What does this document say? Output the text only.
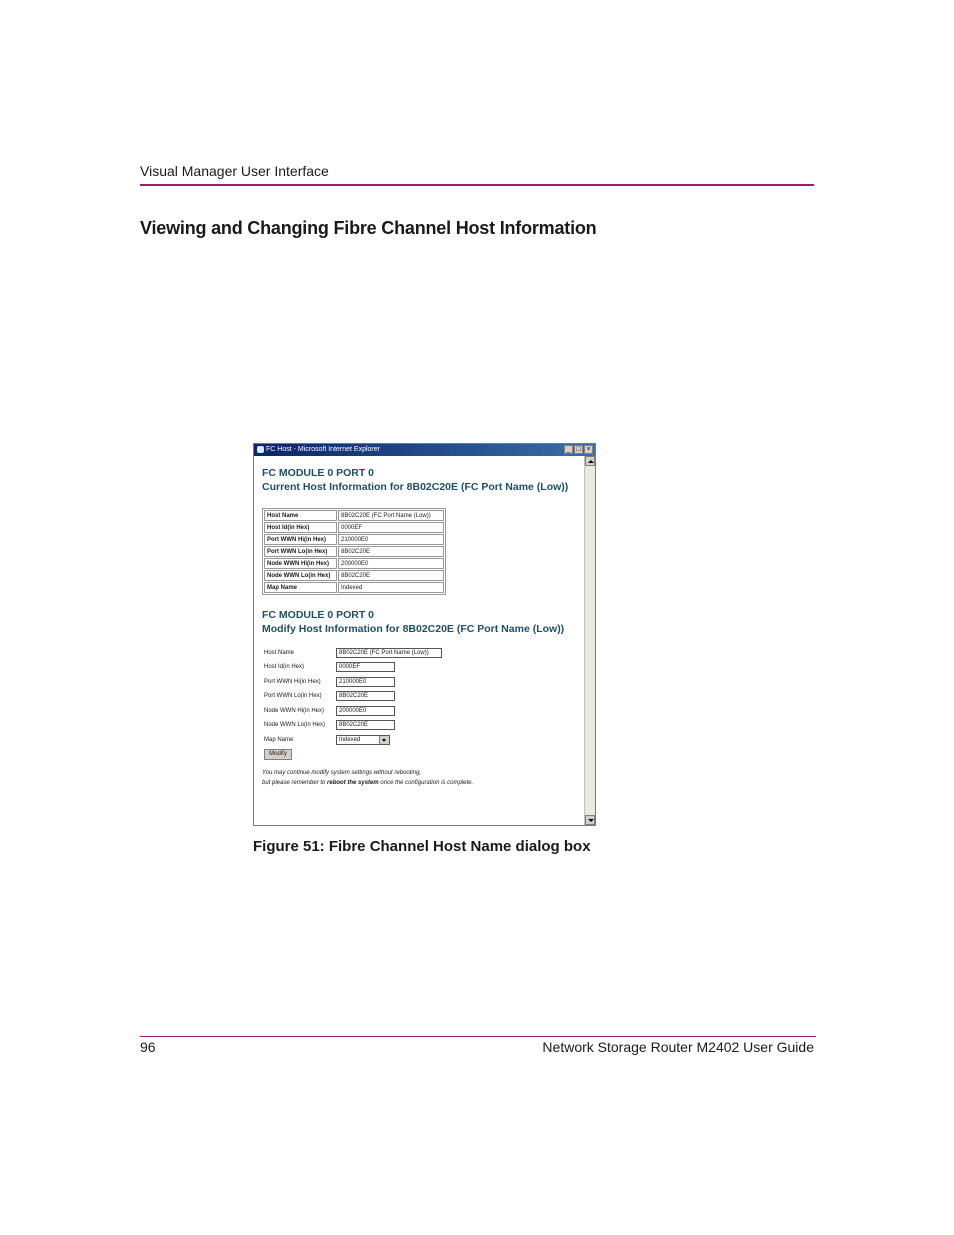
Visual Manager User Interface
Viewing and Changing Fibre Channel Host Information
FC Host - Microsoft Internet Explorer	_ □ ×
FC MODULE 0 PORT 0
Current Host Information for 8B02C20E (FC Port Name (Low))
Host Name	8B02C20E (FC Port Name (Low))
Host Id(in Hex)	0000EF
Port WWN Hi(in Hex)	210000E0
Port WWN Lo(in Hex)	8B02C20E
Node WWN Hi(in Hex)	200000E0
Node WWN Lo(in Hex)	8B02C20E
Map Name	Indexed
FC MODULE 0 PORT 0
Modify Host Information for 8B02C20E (FC Port Name (Low))
Host Name	8B02C20E (FC Port Name (Low))
Host Id(in Hex)	0000EF
Port WWN Hi(in Hex)	210000E0
Port WWN Lo(in Hex)	8B02C20E
Node WWN Hi(in Hex)	200000E0
Node WWN Lo(in Hex)	8B02C20E
Map Name	Indexed
Modify
You may continue modify system settings without rebooting,
but please remember to reboot the system once the configuration is complete.
Figure 51: Fibre Channel Host Name dialog box
96	Network Storage Router M2402 User Guide
